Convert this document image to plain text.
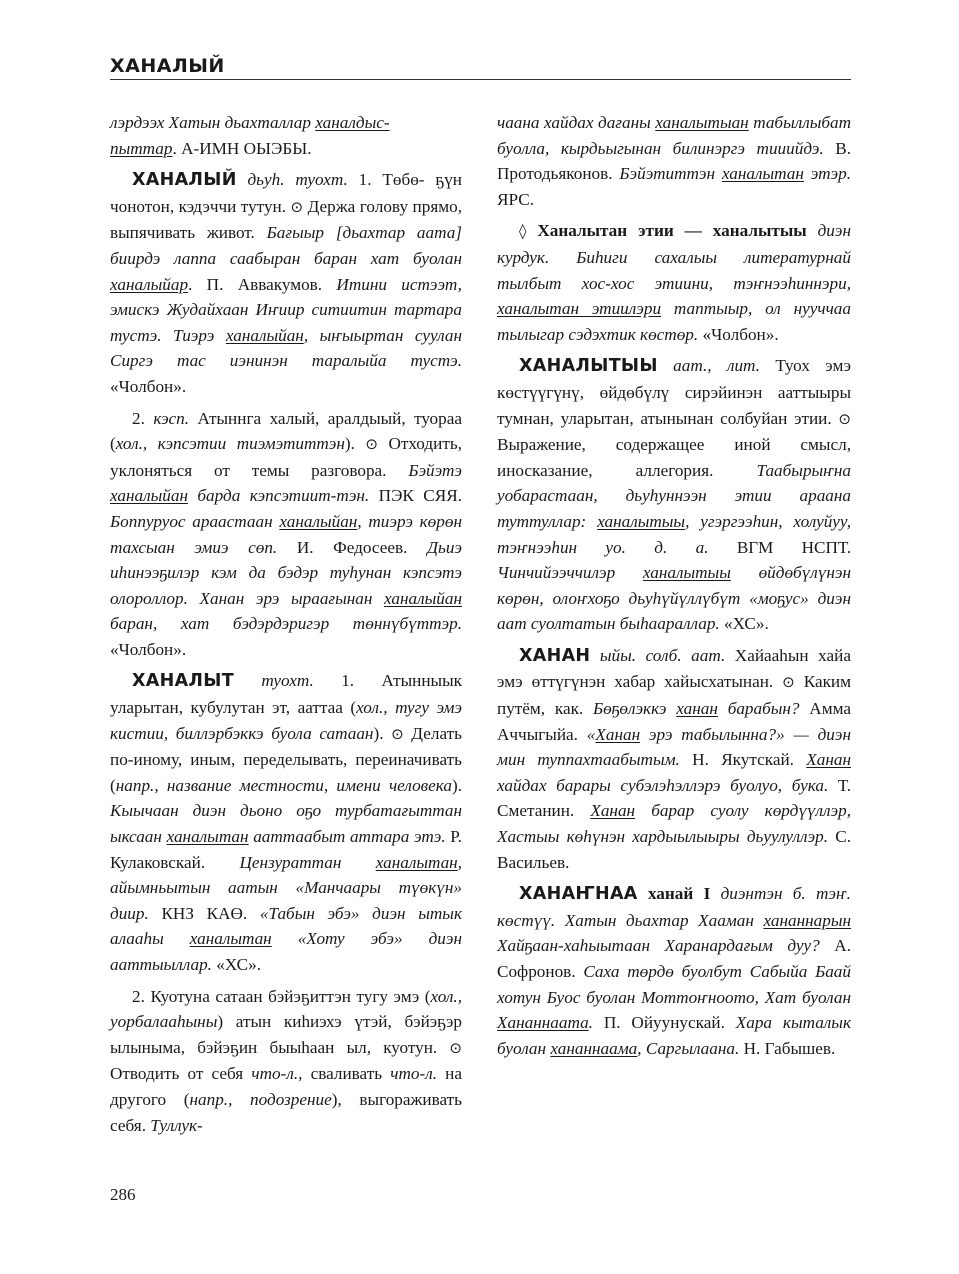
ХАНАЛЫЙ

лэрдээх Хатын дьахталлар ханалдыс-
пыттар. А-ИМН ОЫЭБЫ.

ХАНАЛЫЙ дьуh. туохт. 1. Төбө- ҕүн чонотон, кэдэччи тутун. ⊙ Держа голову прямо, выпячивать живот. Бағыыр [дьахтар аата] биирдэ лаппа саабыран баран хат буолан ханалыйар. П. Аввакумов. Итини истээт, эмискэ Жудайхаан Иҥиир ситиитин тартара тустэ. Тиэрэ ханалыйан, ыҥыыртан суулан Сиргэ тас иэнинэн таралыйа тустэ. «Чолбон».

2. кэсп. Атыннга халый, аралдыый, туораа (хол., кэпсэтии тиэмэтиттэн). ⊙ Отходить, уклоняться от темы разговора. Бэйэтэ ханалыйан барда кэпсэтиит-тэн. ПЭК СЯЯ. Боппуруос араастаан ханалыйан, тиэрэ көрөн тахсыан эмиэ сөп. И. Федосеев. Дьиэ иhинээҕилэр кэм да бэдэр туhунан кэпсэтэ олороллор. Ханан эрэ ыраағынан ханалыйан баран, хат бэдэрдэригэр төннүбүттэр. «Чолбон».

ХАНАЛЫТ туохт. 1. Атынныык уларытан, кубулутан эт, ааттаа (хол., тугу эмэ кистии, биллэрбэккэ буола сатаан). ⊙ Делать по-иному, иным, переделывать, переиначивать (напр., название местности, имени человека). Кыычаан диэн дьоно оҕо турбатағыттан ыксаан ханалытан ааттаабыт аттара этэ. Р. Кулаковскай. Цензураттан ханалытан, айымньытын аатын «Манчаары түөкүн» диир. КНЗ КАӨ. «Табын эбэ» диэн ытык алааhы ханалытан «Хоту эбэ» диэн ааттыыллар. «ХС».

2. Куотуна сатаан бэйэҕиттэн тугу эмэ (хол., уорбалааhыны) атын киhиэхэ үтэй, бэйэҕэр ылыныма, бэйэҕин быыhаан ыл, куотун. ⊙ Отводить от себя что-л., сваливать что-л. на другого (напр., подозрение), выгораживать себя. Туллук-

чаана хайдах дағаны ханалытыан табыллыбат буолла, кырдьыгынан билинэргэ тииийдэ. В. Протодьяконов. Бэйэтиттэн ханалытан этэр. ЯРС.

◊ Ханалытан этии — ханалытыы диэн курдук. Биhиги сахалыы литературнай тылбыт хос-хос этиини, тэҥнээhиннэри, ханалытан этиилэри таптыыр, ол нууччаа тылыгар сэдэхтик көстөр. «Чолбон».

ХАНАЛЫТЫЫ аат., лит. Туох эмэ көстүүгүнү, өйдөбүлү сирэйинэн ааттыыры тумнан, уларытан, атынынан солбуйан этии. ⊙ Выражение, содержащее иной смысл, иносказание, аллегория. Таабырыҥна уобарастаан, дьуhуннээн этии араана туттуллар: ханалытыы, угэргээhин, холуйуу, тэҥнээhин уо. д. а. ВГМ НСПТ. Чинчийээччилэр ханалытыы өйдөбүлүнэн көрөн, олоҥхоҕо дьуhүйүллүбүт «моҕус» диэн аат суолтатын быhаараллар. «ХС».

ХАНАН ыйы. солб. аат. Хайааhын хайа эмэ өттүгүнэн хабар хайысхатынан. ⊙ Каким путём, как. Бөҕөлэккэ ханан барабын? Амма Аччыгыйа. «Ханан эрэ табылынна?» — диэн мин туппахтаабытым. Н. Якутскай. Ханан хайдах барары субэлэhэллэрэ буолуо, бука. Т. Сметанин. Ханан барар суолу көрдүүллэр, Хастыы көhүнэн хардыылыыры дьуулуллэр. С. Васильев.

ХАНАҤНАА ханай I диэнтэн б. тэҥ. көстүү. Хатын дьахтар Хааман хананнарын Хайҕаан-хаhыытаан Харанардағым дуу? А. Софронов. Саха төрдө буолбут Сабыйа Баай хотун Буос буолан Моттоҥноото, Хат буолан Хананнаата. П. Ойуунускай. Хара кыталык буолан хананнаама, Саргылаана. Н. Габышев.

286
